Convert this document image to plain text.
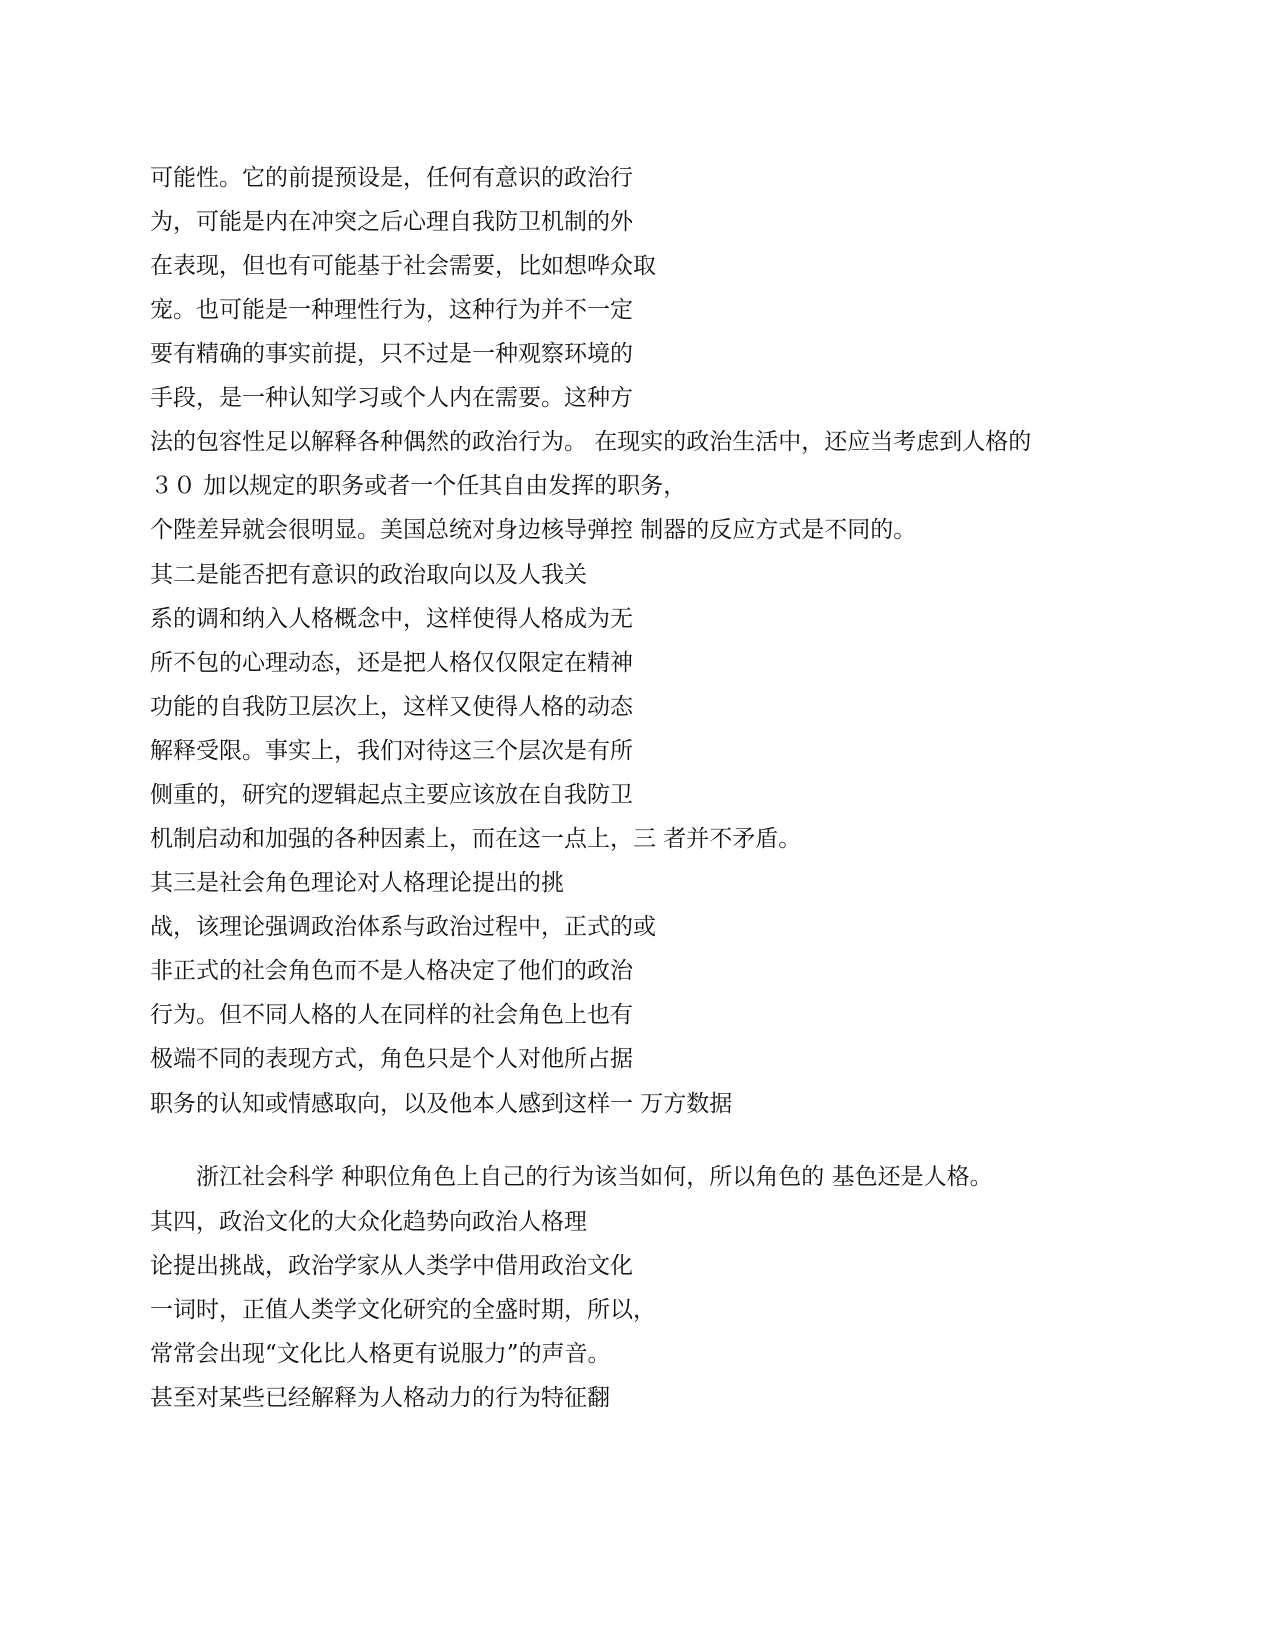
可能性。它的前提预设是，任何有意识的政治行
为，可能是内在冲突之后心理自我防卫机制的外
在表现，但也有可能基于社会需要，比如想哗众取
宠。也可能是一种理性行为，这种行为并不一定
要有精确的事实前提，只不过是一种观察环境的
手段，是一种认知学习或个人内在需要。这种方
法的包容性足以解释各种偶然的政治行为。 在现实的政治生活中，还应当考虑到人格的
３０ 加以规定的职务或者一个任其自由发挥的职务，
个陛差异就会很明显。美国总统对身边核导弹控 制器的反应方式是不同的。
其二是能否把有意识的政治取向以及人我关
系的调和纳入人格概念中，这样使得人格成为无
所不包的心理动态，还是把人格仅仅限定在精神
功能的自我防卫层次上，这样又使得人格的动态
解释受限。事实上，我们对待这三个层次是有所
侧重的，研究的逻辑起点主要应该放在自我防卫
机制启动和加强的各种因素上，而在这一点上，三 者并不矛盾。
其三是社会角色理论对人格理论提出的挑
战，该理论强调政治体系与政治过程中，正式的或
非正式的社会角色而不是人格决定了他们的政治
行为。但不同人格的人在同样的社会角色上也有
极端不同的表现方式，角色只是个人对他所占据
职务的认知或情感取向，以及他本人感到这样一 万方数据
浙江社会科学 种职位角色上自己的行为该当如何，所以角色的 基色还是人格。
其四，政治文化的大众化趋势向政治人格理
论提出挑战，政治学家从人类学中借用政治文化
一词时，正值人类学文化研究的全盛时期，所以，
常常会出现“文化比人格更有说服力”的声音。
甚至对某些已经解释为人格动力的行为特征翻
